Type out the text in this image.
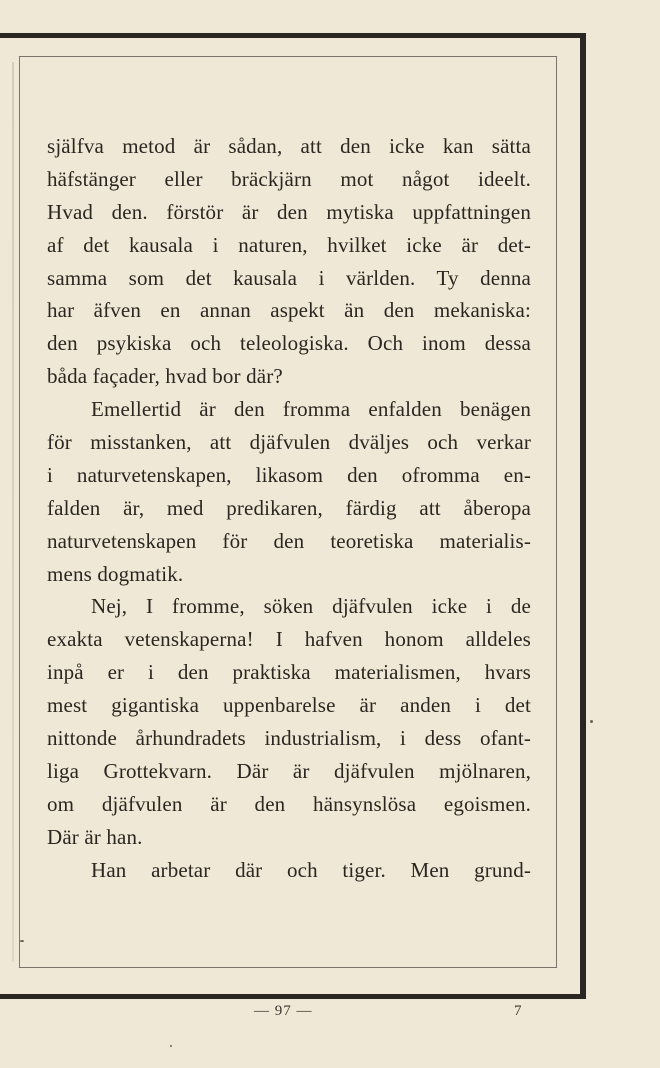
själfva metod är sådan, att den icke kan sätta
häfstänger eller bräckjärn mot något ideelt.
Hvad den. förstör är den mytiska uppfattningen
af det kausala i naturen, hvilket icke är det-
samma som det kausala i världen. Ty denna
har äfven en annan aspekt än den mekaniska:
den psykiska och teleologiska. Och inom dessa
båda façader, hvad bor där?
Emellertid är den fromma enfalden benägen
för misstanken, att djäfvulen dväljes och verkar
i naturvetenskapen, likasom den ofromma en-
falden är, med predikaren, färdig att åberopa
naturvetenskapen för den teoretiska materialis-
mens dogmatik.
Nej, I fromme, söken djäfvulen icke i de
exakta vetenskaperna! I hafven honom alldeles
inpå er i den praktiska materialismen, hvars
mest gigantiska uppenbarelse är anden i det
nittonde århundradets industrialism, i dess ofant-
liga Grottekvarn. Där är djäfvulen mjölnaren,
om djäfvulen är den hänsynslösa egoismen.
Där är han.
Han arbetar där och tiger. Men grund-
— 97 —	7
